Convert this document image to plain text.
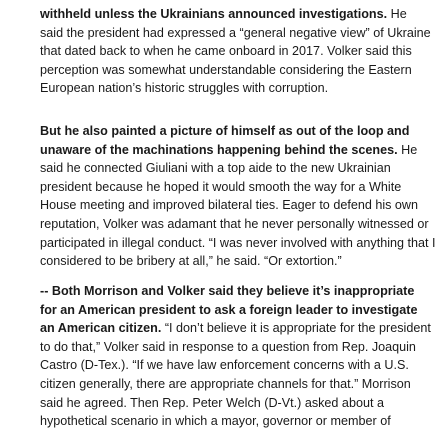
withheld unless the Ukrainians announced investigations. He
said the president had expressed a “general negative view” of Ukraine
that dated back to when he came onboard in 2017. Volker said this
perception was somewhat understandable considering the Eastern
European nation’s historic struggles with corruption.
But he also painted a picture of himself as out of the loop and
unaware of the machinations happening behind the scenes. He
said he connected Giuliani with a top aide to the new Ukrainian
president because he hoped it would smooth the way for a White
House meeting and improved bilateral ties. Eager to defend his own
reputation, Volker was adamant that he never personally witnessed or
participated in illegal conduct. “I was never involved with anything that I
considered to be bribery at all,” he said. “Or extortion.”
-- Both Morrison and Volker said they believe it’s inappropriate
for an American president to ask a foreign leader to investigate
an American citizen. “I don’t believe it is appropriate for the president
to do that,” Volker said in response to a question from Rep. Joaquin
Castro (D-Tex.). “If we have law enforcement concerns with a U.S.
citizen generally, there are appropriate channels for that.” Morrison
said he agreed. Then Rep. Peter Welch (D-Vt.) asked about a
hypothetical scenario in which a mayor, governor or member of
